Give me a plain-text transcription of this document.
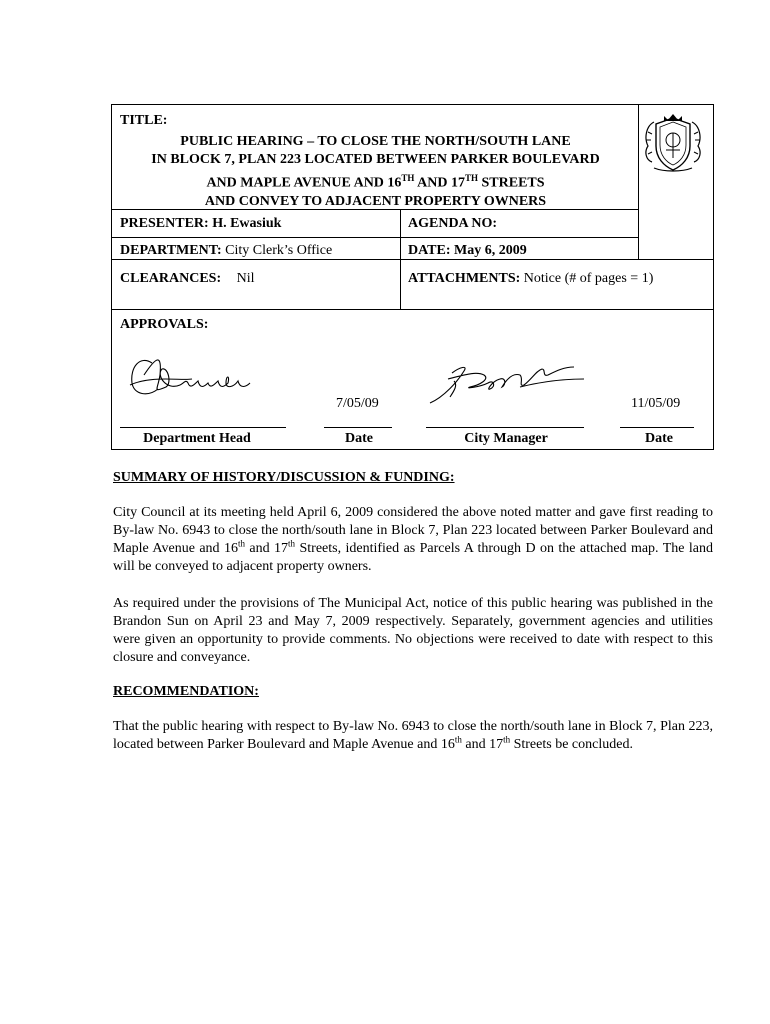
TITLE:
PUBLIC HEARING – TO CLOSE THE NORTH/SOUTH LANE
IN BLOCK 7, PLAN 223 LOCATED BETWEEN PARKER BOULEVARD
AND MAPLE AVENUE AND 16TH AND 17TH STREETS
AND CONVEY TO ADJACENT PROPERTY OWNERS
PRESENTER: H. Ewasiuk	AGENDA NO:
DEPARTMENT: City Clerk’s Office	DATE: May 6, 2009
CLEARANCES: Nil	ATTACHMENTS: Notice (# of pages = 1)
APPROVALS:
7/05/09	11/05/09
Department Head	Date	City Manager	Date
SUMMARY OF HISTORY/DISCUSSION & FUNDING:
City Council at its meeting held April 6, 2009 considered the above noted matter and gave first reading to By-law No. 6943 to close the north/south lane in Block 7, Plan 223 located between Parker Boulevard and Maple Avenue and 16th and 17th Streets, identified as Parcels A through D on the attached map. The land will be conveyed to adjacent property owners.
As required under the provisions of The Municipal Act, notice of this public hearing was published in the Brandon Sun on April 23 and May 7, 2009 respectively. Separately, government agencies and utilities were given an opportunity to provide comments. No objections were received to date with respect to this closure and conveyance.
RECOMMENDATION:
That the public hearing with respect to By-law No. 6943 to close the north/south lane in Block 7, Plan 223, located between Parker Boulevard and Maple Avenue and 16th and 17th Streets be concluded.
